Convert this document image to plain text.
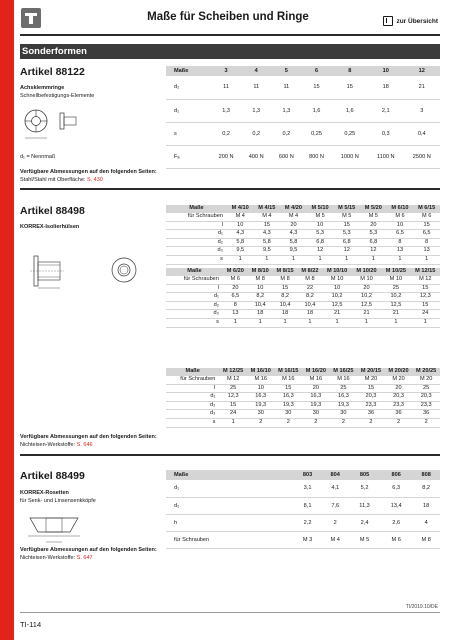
Maße für Scheiben und Ringe	zur Übersicht
Sonderformen
Artikel 88122
Achsklemmringe
Schnellbefestigungs-Elemente
d₁ = Nennmaß
Maße	3	4	5	6	8	10	12
d₂	11	11	11	15	15	18	21
d₁	1,3	1,3	1,3	1,6	1,6	2,1	3
s	0,2	0,2	0,2	0,25	0,25	0,3	0,4
Fₐ	200 N	400 N	600 N	800 N	1000 N	1100 N	2500 N
Verfügbare Abmessungen auf den folgenden Seiten:
Stahl/Stahl mit Oberfläche: S. 430
Artikel 88498
KORREX-Isolierhülsen
Maße	M 4/10	M 4/15	M 4/20	M 5/10	M 5/15	M 5/20	M 6/10	M 6/15
für Schrauben	M 4	M 4	M 4	M 5	M 5	M 5	M 6	M 6
l	10	15	20	10	15	20	10	15
d₁	4,3	4,3	4,3	5,3	5,3	5,3	6,5	6,5
d₂	5,8	5,8	5,8	6,8	6,8	6,8	8	8
d₃	9,5	9,5	9,5	12	12	12	13	13
s	1	1	1	1	1	1	1	1
Maße	M 6/20	M 8/10	M 8/15	M 8/22	M 10/10	M 10/20	M 10/25	M 12/15
für Schrauben	M 6	M 8	M 8	M 8	M 10	M 10	M 10	M 12
l	20	10	15	22	10	20	25	15
d₁	6,5	8,2	8,2	8,2	10,2	10,2	10,2	12,3
d₂	8	10,4	10,4	10,4	12,5	12,5	12,5	15
d₃	13	18	18	18	21	21	21	24
s	1	1	1	1	1	1	1	1
Maße	M 12/25	M 16/10	M 16/15	M 16/20	M 16/25	M 20/15	M 20/20	M 20/25
für Schrauben	M 12	M 16	M 16	M 16	M 16	M 20	M 20	M 20
l	25	10	15	20	25	15	20	25
d₁	12,3	16,3	16,3	16,3	16,3	20,3	20,3	20,3
d₂	15	19,3	19,3	19,3	19,3	23,3	23,3	23,3
d₃	24	30	30	30	30	36	36	36
s	1	2	2	2	2	2	2	2
Verfügbare Abmessungen auf den folgenden Seiten:
Nichteisen-Werkstoffe: S. 646
Artikel 88499
KORREX-Rosetten
für Senk- und Linsensenkköpfe
Maße	803	804	805	806	808
d₁	3,1	4,1	5,2	6,3	8,2
d₂	8,1	7,6	11,3	13,4	18
h	2,2	2	2,4	2,6	4
für Schrauben	M 3	M 4	M 5	M 6	M 8
Verfügbare Abmessungen auf den folgenden Seiten:
Nichteisen-Werkstoffe: S. 647
TI/2019.10/DE
TI-114
